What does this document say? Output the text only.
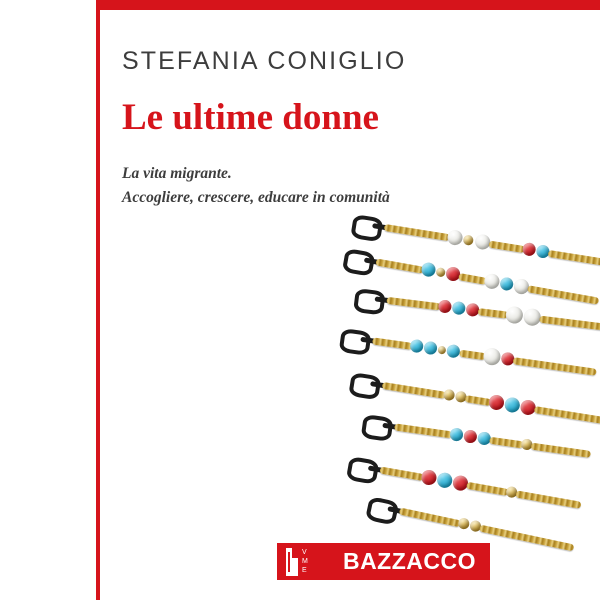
STEFANIA CONIGLIO
Le ultime donne
La vita migrante.
Accogliere, crescere, educare in comunità
BAZZACCO
V
M
E
